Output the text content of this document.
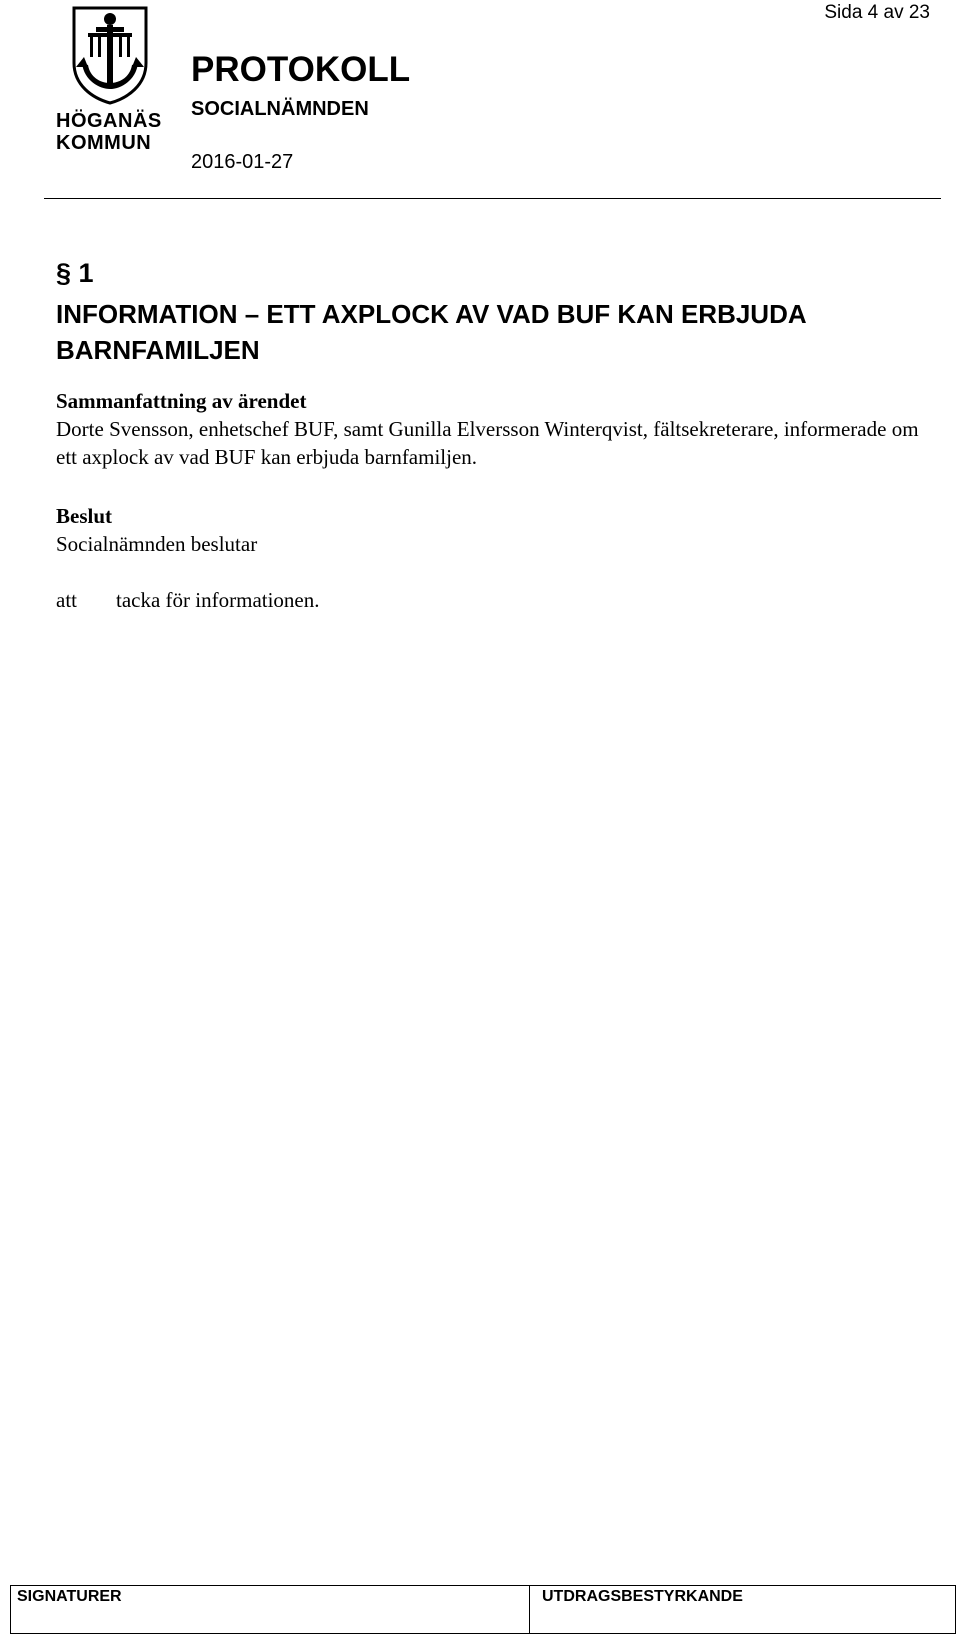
Sida 4 av 23
HÖGANÄS
KOMMUN
PROTOKOLL
SOCIALNÄMNDEN
2016-01-27
§ 1
INFORMATION – ETT AXPLOCK AV VAD BUF KAN ERBJUDA BARNFAMILJEN
Sammanfattning av ärendet
Dorte Svensson, enhetschef BUF, samt Gunilla Elversson Winterqvist, fältsekreterare, informerade om ett axplock av vad BUF kan erbjuda barnfamiljen.
Beslut
Socialnämnden beslutar
att tacka för informationen.
SIGNATURER	UTDRAGSBESTYRKANDE
